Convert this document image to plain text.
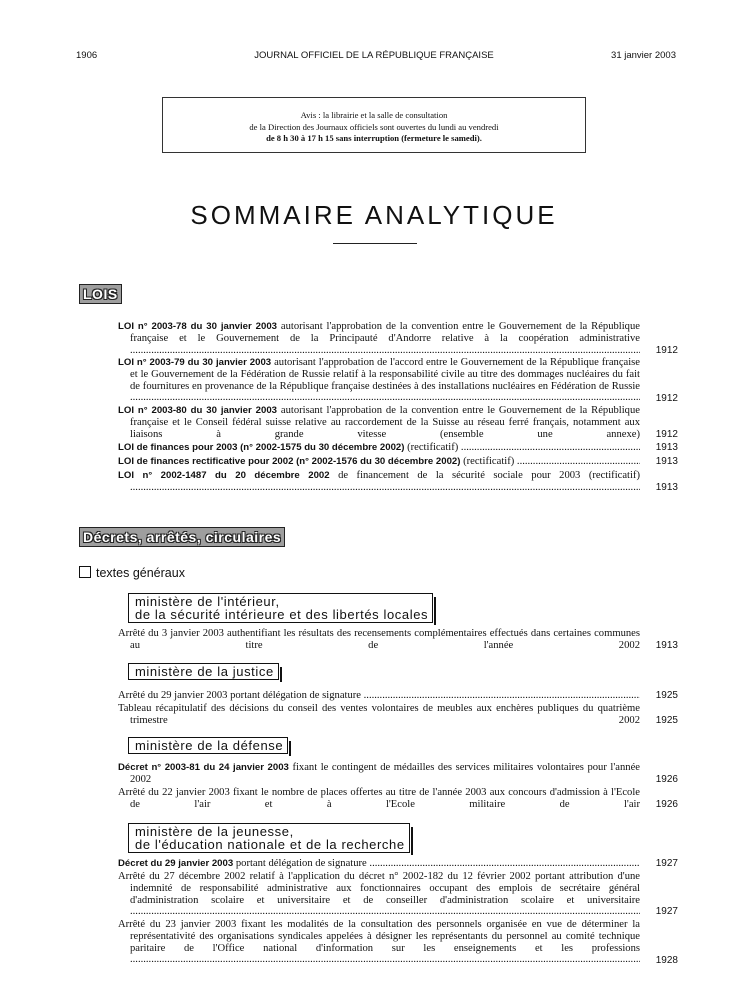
1906	JOURNAL OFFICIEL DE LA RÉPUBLIQUE FRANÇAISE	31 janvier 2003
Avis : la librairie et la salle de consultation
de la Direction des Journaux officiels sont ouvertes du lundi au vendredi
de 8 h 30 à 17 h 15 sans interruption (fermeture le samedi).
SOMMAIRE ANALYTIQUE
LOIS
LOI n° 2003-78 du 30 janvier 2003 autorisant l'approbation de la convention entre le Gouvernement de la République française et le Gouvernement de la Principauté d'Andorre relative à la coopération administrative .....
1912
LOI n° 2003-79 du 30 janvier 2003 autorisant l'approbation de l'accord entre le Gouvernement de la République française et le Gouvernement de la Fédération de Russie relatif à la responsabilité civile au titre des dommages nucléaires du fait de fournitures en provenance de la République française destinées à des installations nucléaires en Fédération de Russie .....
1912
LOI n° 2003-80 du 30 janvier 2003 autorisant l'approbation de la convention entre le Gouvernement de la République française et le Conseil fédéral suisse relative au raccordement de la Suisse au réseau ferré français, notamment aux liaisons à grande vitesse (ensemble une annexe) ..... 1912
LOI de finances pour 2003 (n° 2002-1575 du 30 décembre 2002) (rectificatif) .....	1913
LOI de finances rectificative pour 2002 (n° 2002-1576 du 30 décembre 2002) (rectificatif) .....	1913
LOI n° 2002-1487 du 20 décembre 2002 de financement de la sécurité sociale pour 2003 (rectificatif) .....
1913
Décrets, arrêtés, circulaires
textes généraux
ministère de l'intérieur,
de la sécurité intérieure et des libertés locales
Arrêté du 3 janvier 2003 authentifiant les résultats des recensements complémentaires effectués dans certaines communes au titre de l'année 2002 ..... 1913
ministère de la justice
Arrêté du 29 janvier 2003 portant délégation de signature .....	1925
Tableau récapitulatif des décisions du conseil des ventes volontaires de meubles aux enchères publiques du quatrième trimestre 2002 ..... 1925
ministère de la défense
Décret n° 2003-81 du 24 janvier 2003 fixant le contingent de médailles des services militaires volontaires pour l'année 2002 .....	1926
Arrêté du 22 janvier 2003 fixant le nombre de places offertes au titre de l'année 2003 aux concours d'admission à l'Ecole de l'air et à l'Ecole militaire de l'air ..... 1926
ministère de la jeunesse,
de l'éducation nationale et de la recherche
Décret du 29 janvier 2003 portant délégation de signature .....	1927
Arrêté du 27 décembre 2002 relatif à l'application du décret n° 2002-182 du 12 février 2002 portant attribution d'une indemnité de responsabilité administrative aux fonctionnaires occupant des emplois de secrétaire général d'administration scolaire et universitaire et de conseiller d'administration scolaire et universitaire .....
1927
Arrêté du 23 janvier 2003 fixant les modalités de la consultation des personnels organisée en vue de déterminer la représentativité des organisations syndicales appelées à désigner les représentants du personnel au comité technique paritaire de l'Office national d'information sur les enseignements et les professions .....
1928
